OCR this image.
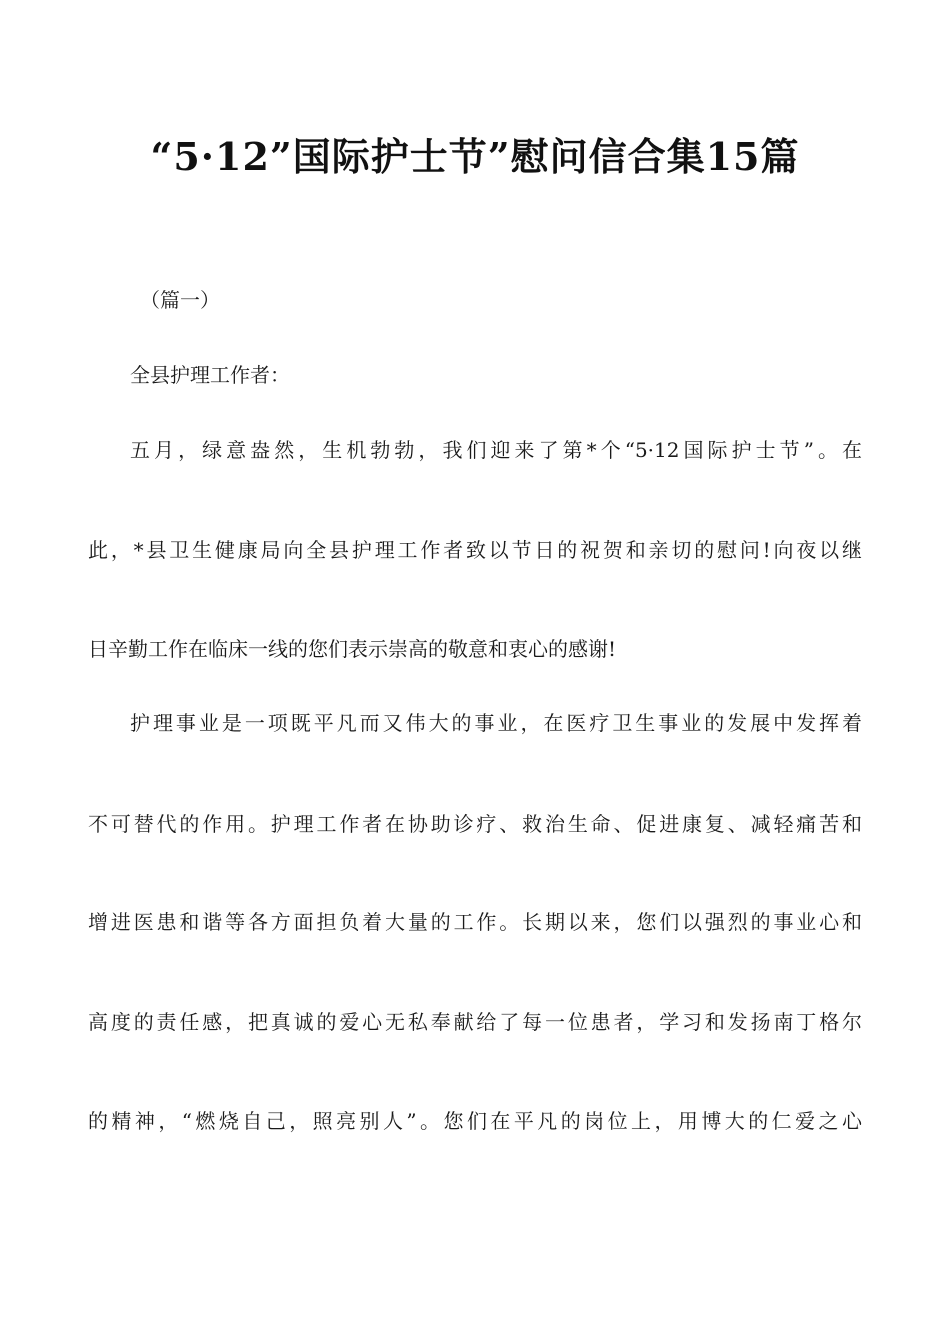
“5·12”国际护士节”慰问信合集15篇
（篇一）
全县护理工作者：
五月，绿意盎然，生机勃勃，我们迎来了第*个“5·12国际护士节”。在
此，*县卫生健康局向全县护理工作者致以节日的祝贺和亲切的慰问!向夜以继
日辛勤工作在临床一线的您们表示崇高的敬意和衷心的感谢!
护理事业是一项既平凡而又伟大的事业，在医疗卫生事业的发展中发挥着
不可替代的作用。护理工作者在协助诊疗、救治生命、促进康复、减轻痛苦和
增进医患和谐等各方面担负着大量的工作。长期以来，您们以强烈的事业心和
高度的责任感，把真诚的爱心无私奉献给了每一位患者，学习和发扬南丁格尔
的精神，“燃烧自己，照亮别人”。您们在平凡的岗位上，用博大的仁爱之心
